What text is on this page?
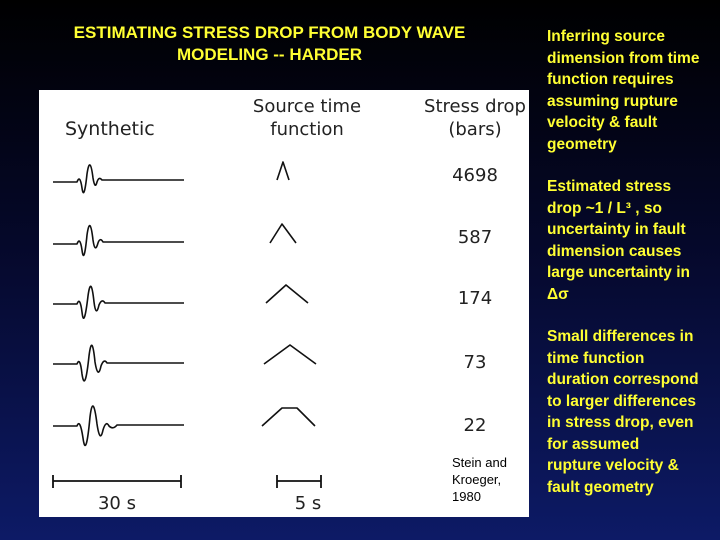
ESTIMATING STRESS DROP FROM BODY WAVE
MODELING -- HARDER
Synthetic
Source time
function
Stress drop
(bars)
30 s	5 s
4698
587
174
73
22
Stein and
Kroeger,
1980
Inferring source
dimension from time
function requires
assuming rupture
velocity & fault
geometry
Estimated stress
drop ~1 / L³ , so
uncertainty in fault
dimension causes
large uncertainty in
Δσ
Small differences in
time function
duration correspond
to larger differences
in stress drop, even
for assumed
rupture velocity &
fault geometry
